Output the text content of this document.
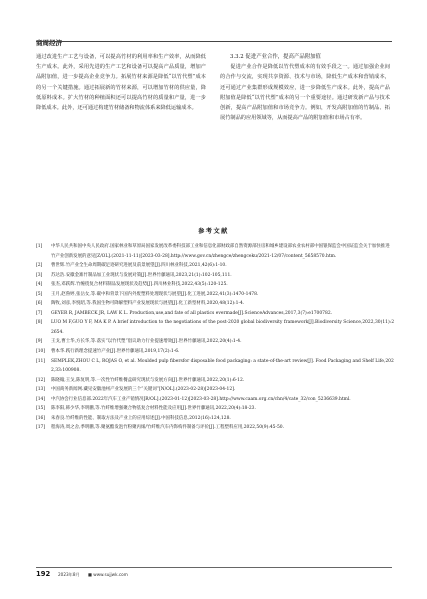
商周经济

通过改进生产工艺与设备，可以提高竹材的利用率和生产效率，从而降低生产成本。此外，采用先进的生产工艺和设备可以提高产品质量，增加产品附加值，进一步提高企业竞争力。拓展竹材来源是降低“以竹代塑”成本的另一个关键措施。通过拓展新的竹材来源，可以增加竹材的供应量，降低原料成本。扩大竹材的种植面积还可以提高竹材的质量和产量，进一步降低成本。此外，还可通过构建竹材储备和物流体系来降低运输成本。

3.3.2 促进产业合作，提高产品附加值

促进产业合作是降低以竹代塑成本的有效手段之一。通过加强企业间的合作与交流，实现共享资源、技术与市场，降低生产成本和营销成本，还可通过产业集群形成规模效应，进一步降低生产成本。此外，提高产品附加值是降低“以竹代塑”成本的另一个重要途径。通过研发新产品与技术创新，提高产品附加值和市场竞争力。例如，开发高附加值的竹制品、拓展竹制品的应用领域等，从而提高产品的附加值和市场占有率。

参考文献
[1] 中华人民共和国中央人民政府.国家林业和草原局国家发展改革委科技部工业和信息化部财政部自然资源部住房和城乡建设部农业农村部中国银保监会中国证监会关于加快推进竹产业创新发展的意见[Z/OL].(2021-11-11)[2023-03-28].http://www.gov.cn/zhengce/zhengceku/2021-12/07/content_5658570.htm.
[2] 曹世辉.竹产业全生命周期碳足迹研究进展及前景展望[J].四川林业科技,2021,42(6):1-10.
[3] 苏达浩.安徽金寨竹制品加工业现状与发展对策[J].世界竹藤通讯,2023,21(1):102-105,111.
[4] 张杰,邓跃辉.竹缠绕复合材料制品发展现状及趋势[J].四川林业科技,2022,43(5):120-125.
[5] 王月,赵鲁婷,张岳女,等.碳中和背景下国内外废塑料处理现状与展望[J].化工进展,2022,41(3):1470-1478.
[6] 陶牧,刘彦,李悦昭,等.我国生物可降解塑料产业发展现状与展望[J].化工新型材料,2020,48(12):1-4.
[7] GEYER R, JAMBECK JR, LAW K L. Production,use,and fate of all plastics evermade[J].ScienceAdvances,2017,3(7):e1700782.
[8] LUO M F,GUO Y F, MA K P. A brief introduction to the negotiations of the post-2020 global biodiversity framework[J].Biodiversity Science,2022,30(11):22654.
[9] 王戈,曹士华,方长华,等.落实“以竹代塑”倡议助力行业提速增效[J].世界竹藤通讯,2022,20(4):1-4.
[10] 曹本华.践行新理念提速竹产业[J].世界竹藤通讯,2019,17(2):1-6.
[11] SEMPLEK,ZHOU C L, ROJAS O, et al. Moulded pulp fibersfor disposable food packaging: a state-of-the-art review[J]. Food Packaging and Shelf Life,2022,33:100908.
[12] 陈晓翰,王戈,陈复明,等.一次性竹纤维餐盒研究现状与发展方向[J].世界竹藤通讯,2022,20(1):6-12.
[13] 中国商务新闻网.藏见安徽池州产业发展的三个“关键词”[N/OL].(2023-02-28)[2023-04-12].
[14] 中汽协会行业信息部.2022年汽车工业产销情况[R/OL].(2023-01-12)[2023-03-28].http://www.caam.org.cn/chn/4/cate_32/con_5236639.html.
[15] 陈李阳,韩少华,李明鹏,等.竹纤维增强聚合物基复合材料性能及应用[J].世界竹藤通讯,2022,20(4):18-23.
[16] 朱春良.竹纤维的性能、制取方法及产业上的应用综述[J].中国科技信息,2012(16):124,128.
[17] 程海涛,周之舍,季明鹏,等.聚氨酯发泡竹粉聚丙烯/竹纤维汽车内饰构件制备与评价[J].工程塑料应用,2022,50(9):45-50.
192 2023年8月 ■ www.sujjwk.com
